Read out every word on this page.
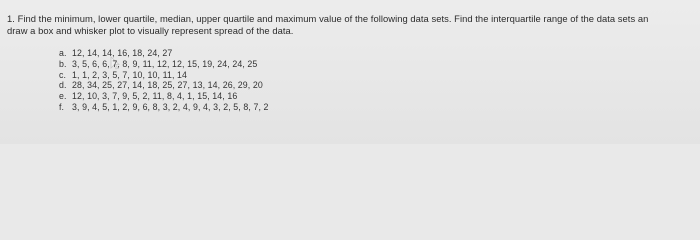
1. Find the minimum, lower quartile, median, upper quartile and maximum value of the following data sets. Find the interquartile range of the data sets an
draw a box and whisker plot to visually represent spread of the data.
a. 12, 14, 14, 16, 18, 24, 27
b. 3, 5, 6, 6, 7, 8, 9, 11, 12, 12, 15, 19, 24, 24, 25
c. 1, 1, 2, 3, 5, 7, 10, 10, 11, 14
d. 28, 34, 25, 27, 14, 18, 25, 27, 13, 14, 26, 29, 20
e. 12, 10, 3, 7, 9, 5, 2, 11, 8, 4, 1, 15, 14, 16
f. 3, 9, 4, 5, 1, 2, 9, 6, 8, 3, 2, 4, 9, 4, 3, 2, 5, 8, 7, 2
